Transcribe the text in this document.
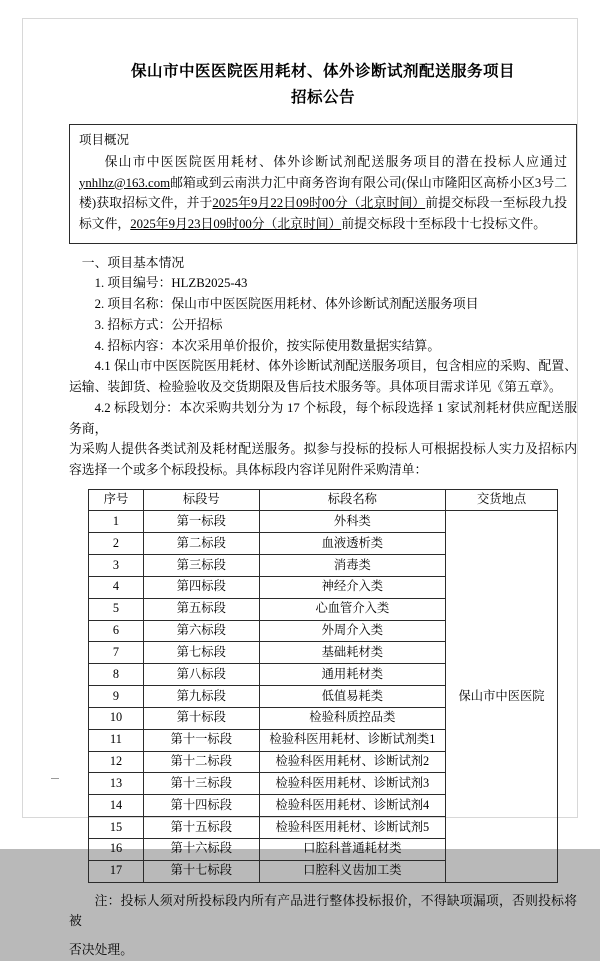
保山市中医医院医用耗材、体外诊断试剂配送服务项目
招标公告
项目概况
保山市中医医院医用耗材、体外诊断试剂配送服务项目的潜在投标人应通过ynhlhz@163.com邮箱或到云南洪力汇中商务咨询有限公司(保山市隆阳区高桥小区3号二楼)获取招标文件，并于2025年9月22日09时00分（北京时间）前提交标段一至标段九投标文件，2025年9月23日09时00分（北京时间）前提交标段十至标段十七投标文件。
一、项目基本情况

1. 项目编号：HLZB2025-43

2. 项目名称：保山市中医医院医用耗材、体外诊断试剂配送服务项目

3. 招标方式：公开招标

4. 招标内容：本次采用单价报价，按实际使用数量据实结算。

4.1 保山市中医医院医用耗材、体外诊断试剂配送服务项目，包含相应的采购、配置、运输、装卸货、检验验收及交货期限及售后技术服务等。具体项目需求详见《第五章》。

4.2 标段划分：本次采购共划分为 17 个标段，每个标段选择 1 家试剂耗材供应配送服务商，

为采购人提供各类试剂及耗材配送服务。拟参与投标的投标人可根据投标人实力及招标内容选择一个或多个标段投标。具体标段内容详见附件采购清单：

序号	标段号	标段名称	交货地点
1	第一标段	外科类	保山市中医医院
2	第二标段	血液透析类	
3	第三标段	消毒类	
4	第四标段	神经介入类	
5	第五标段	心血管介入类	
6	第六标段	外周介入类	
7	第七标段	基础耗材类	
8	第八标段	通用耗材类	
9	第九标段	低值易耗类	
10	第十标段	检验科质控品类	
11	第十一标段	检验科医用耗材、诊断试剂类1	
12	第十二标段	检验科医用耗材、诊断试剂2	
13	第十三标段	检验科医用耗材、诊断试剂3	
14	第十四标段	检验科医用耗材、诊断试剂4	
15	第十五标段	检验科医用耗材、诊断试剂5	
16	第十六标段	口腔科普通耗材类	
17	第十七标段	口腔科义齿加工类	
注：投标人须对所投标段内所有产品进行整体投标报价，不得缺项漏项，否则投标将被
否决处理。
